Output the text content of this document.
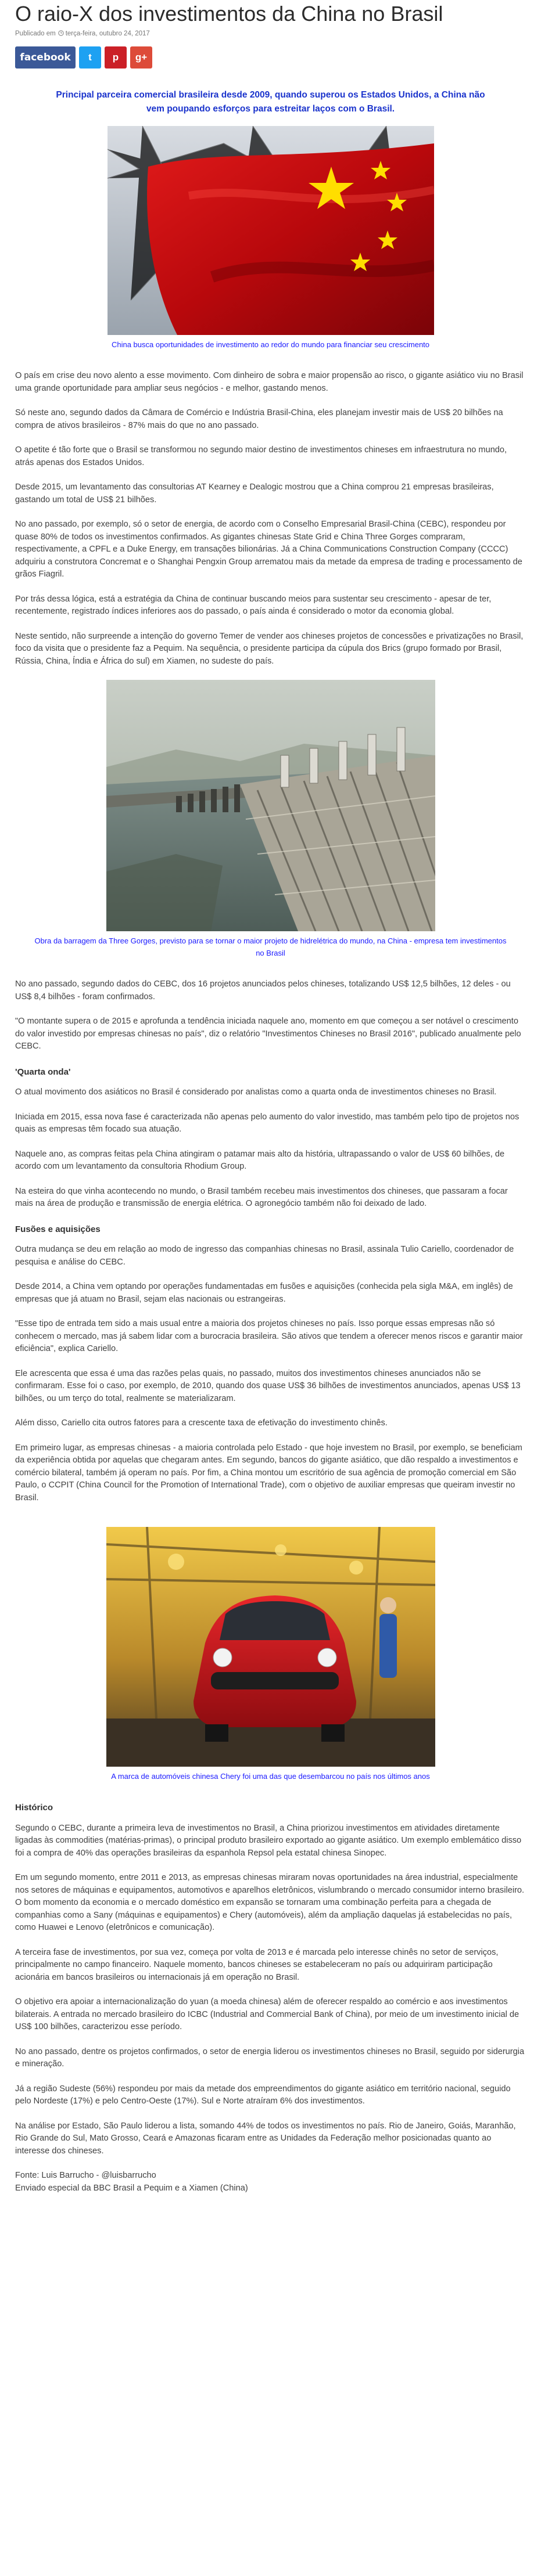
O raio-X dos investimentos da China no Brasil
Publicado em terça-feira, outubro 24, 2017
facebook t p g+

Principal parceira comercial brasileira desde 2009, quando superou os Estados Unidos, a China não vem poupando esforços para estreitar laços com o Brasil.

China busca oportunidades de investimento ao redor do mundo para financiar seu crescimento

O país em crise deu novo alento a esse movimento. Com dinheiro de sobra e maior propensão ao risco, o gigante asiático viu no Brasil uma grande oportunidade para ampliar seus negócios - e melhor, gastando menos.

Só neste ano, segundo dados da Câmara de Comércio e Indústria Brasil-China, eles planejam investir mais de US$ 20 bilhões na compra de ativos brasileiros - 87% mais do que no ano passado.

O apetite é tão forte que o Brasil se transformou no segundo maior destino de investimentos chineses em infraestrutura no mundo, atrás apenas dos Estados Unidos.

Desde 2015, um levantamento das consultorias AT Kearney e Dealogic mostrou que a China comprou 21 empresas brasileiras, gastando um total de US$ 21 bilhões.

No ano passado, por exemplo, só o setor de energia, de acordo com o Conselho Empresarial Brasil-China (CEBC), respondeu por quase 80% de todos os investimentos confirmados. As gigantes chinesas State Grid e China Three Gorges compraram, respectivamente, a CPFL e a Duke Energy, em transações bilionárias. Já a China Communications Construction Company (CCCC) adquiriu a construtora Concremat e o Shanghai Pengxin Group arrematou mais da metade da empresa de trading e processamento de grãos Fiagril.

Por trás dessa lógica, está a estratégia da China de continuar buscando meios para sustentar seu crescimento - apesar de ter, recentemente, registrado índices inferiores aos do passado, o país ainda é considerado o motor da economia global.

Neste sentido, não surpreende a intenção do governo Temer de vender aos chineses projetos de concessões e privatizações no Brasil, foco da visita que o presidente faz a Pequim. Na sequência, o presidente participa da cúpula dos Brics (grupo formado por Brasil, Rússia, China, Índia e África do sul) em Xiamen, no sudeste do país.

Obra da barragem da Three Gorges, previsto para se tornar o maior projeto de hidrelétrica do mundo, na China - empresa tem investimentos no Brasil

No ano passado, segundo dados do CEBC, dos 16 projetos anunciados pelos chineses, totalizando US$ 12,5 bilhões, 12 deles - ou US$ 8,4 bilhões - foram confirmados.

"O montante supera o de 2015 e aprofunda a tendência iniciada naquele ano, momento em que começou a ser notável o crescimento do valor investido por empresas chinesas no país", diz o relatório "Investimentos Chineses no Brasil 2016", publicado anualmente pelo CEBC.

'Quarta onda'

O atual movimento dos asiáticos no Brasil é considerado por analistas como a quarta onda de investimentos chineses no Brasil.

Iniciada em 2015, essa nova fase é caracterizada não apenas pelo aumento do valor investido, mas também pelo tipo de projetos nos quais as empresas têm focado sua atuação.

Naquele ano, as compras feitas pela China atingiram o patamar mais alto da história, ultrapassando o valor de US$ 60 bilhões, de acordo com um levantamento da consultoria Rhodium Group.

Na esteira do que vinha acontecendo no mundo, o Brasil também recebeu mais investimentos dos chineses, que passaram a focar mais na área de produção e transmissão de energia elétrica. O agronegócio também não foi deixado de lado.

Fusões e aquisições

Outra mudança se deu em relação ao modo de ingresso das companhias chinesas no Brasil, assinala Tulio Cariello, coordenador de pesquisa e análise do CEBC.

Desde 2014, a China vem optando por operações fundamentadas em fusões e aquisições (conhecida pela sigla M&A, em inglês) de empresas que já atuam no Brasil, sejam elas nacionais ou estrangeiras.

"Esse tipo de entrada tem sido a mais usual entre a maioria dos projetos chineses no país. Isso porque essas empresas não só conhecem o mercado, mas já sabem lidar com a burocracia brasileira. São ativos que tendem a oferecer menos riscos e garantir maior eficiência", explica Cariello.

Ele acrescenta que essa é uma das razões pelas quais, no passado, muitos dos investimentos chineses anunciados não se confirmaram. Esse foi o caso, por exemplo, de 2010, quando dos quase US$ 36 bilhões de investimentos anunciados, apenas US$ 13 bilhões, ou um terço do total, realmente se materializaram.

Além disso, Cariello cita outros fatores para a crescente taxa de efetivação do investimento chinês.

Em primeiro lugar, as empresas chinesas - a maioria controlada pelo Estado - que hoje investem no Brasil, por exemplo, se beneficiam da experiência obtida por aquelas que chegaram antes. Em segundo, bancos do gigante asiático, que dão respaldo a investimentos e comércio bilateral, também já operam no país. Por fim, a China montou um escritório de sua agência de promoção comercial em São Paulo, o CCPIT (China Council for the Promotion of International Trade), com o objetivo de auxiliar empresas que queiram investir no Brasil.

A marca de automóveis chinesa Chery foi uma das que desembarcou no país nos últimos anos

Histórico

Segundo o CEBC, durante a primeira leva de investimentos no Brasil, a China priorizou investimentos em atividades diretamente ligadas às commodities (matérias-primas), o principal produto brasileiro exportado ao gigante asiático. Um exemplo emblemático disso foi a compra de 40% das operações brasileiras da espanhola Repsol pela estatal chinesa Sinopec.

Em um segundo momento, entre 2011 e 2013, as empresas chinesas miraram novas oportunidades na área industrial, especialmente nos setores de máquinas e equipamentos, automotivos e aparelhos eletrônicos, vislumbrando o mercado consumidor interno brasileiro. O bom momento da economia e o mercado doméstico em expansão se tornaram uma combinação perfeita para a chegada de companhias como a Sany (máquinas e equipamentos) e Chery (automóveis), além da ampliação daquelas já estabelecidas no país, como Huawei e Lenovo (eletrônicos e comunicação).

A terceira fase de investimentos, por sua vez, começa por volta de 2013 e é marcada pelo interesse chinês no setor de serviços, principalmente no campo financeiro. Naquele momento, bancos chineses se estabeleceram no país ou adquiriram participação acionária em bancos brasileiros ou internacionais já em operação no Brasil.

O objetivo era apoiar a internacionalização do yuan (a moeda chinesa) além de oferecer respaldo ao comércio e aos investimentos bilaterais. A entrada no mercado brasileiro do ICBC (Industrial and Commercial Bank of China), por meio de um investimento inicial de US$ 100 bilhões, caracterizou esse período.

No ano passado, dentre os projetos confirmados, o setor de energia liderou os investimentos chineses no Brasil, seguido por siderurgia e mineração.

Já a região Sudeste (56%) respondeu por mais da metade dos empreendimentos do gigante asiático em território nacional, seguido pelo Nordeste (17%) e pelo Centro-Oeste (17%). Sul e Norte atraíram 6% dos investimentos.

Na análise por Estado, São Paulo liderou a lista, somando 44% de todos os investimentos no país. Rio de Janeiro, Goiás, Maranhão, Rio Grande do Sul, Mato Grosso, Ceará e Amazonas ficaram entre as Unidades da Federação melhor posicionadas quanto ao interesse dos chineses.

Fonte: Luis Barrucho - @luisbarrucho
Enviado especial da BBC Brasil a Pequim e a Xiamen (China)
